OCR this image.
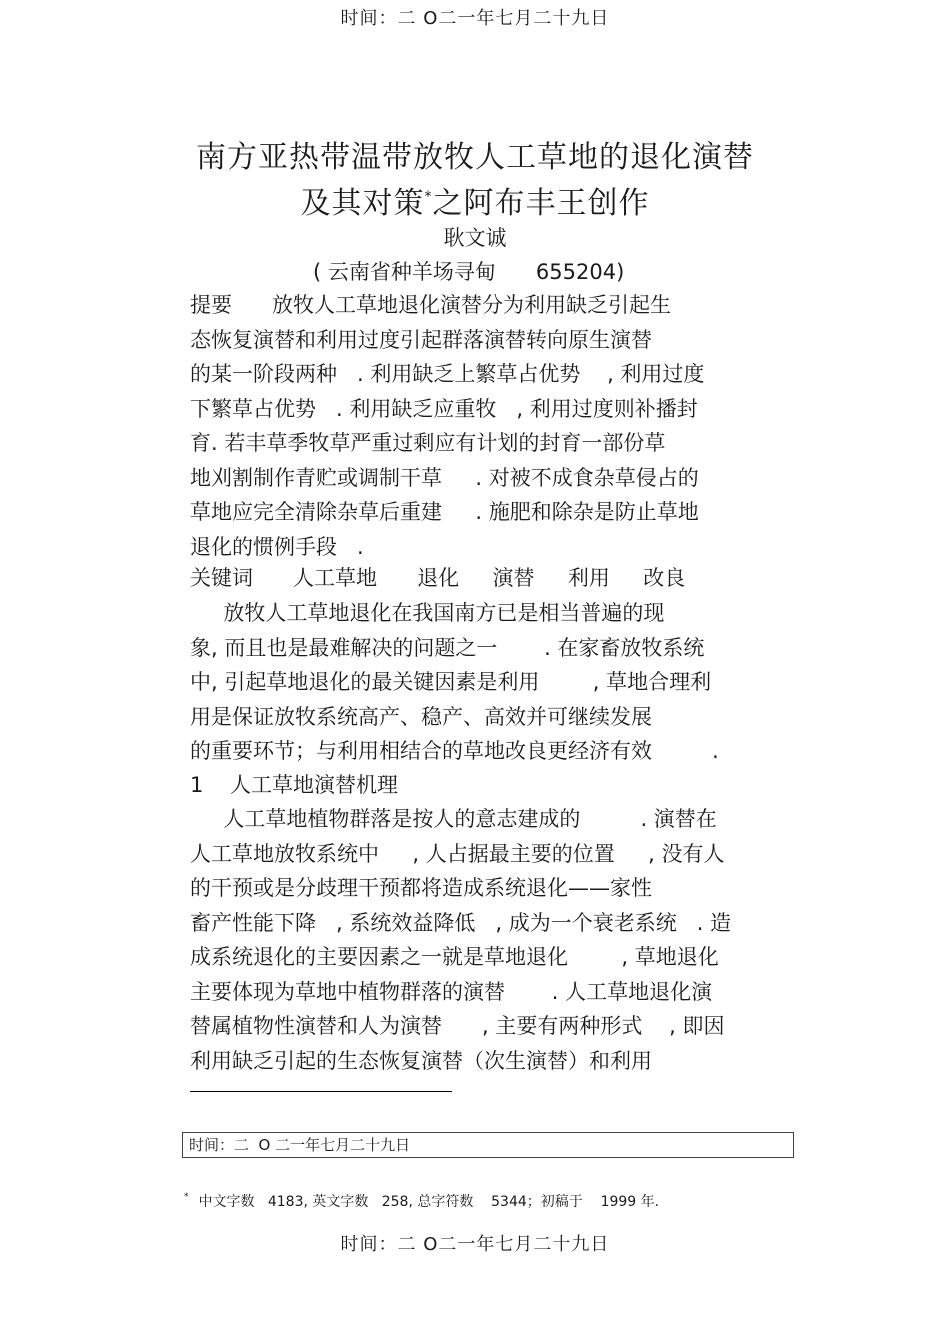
时间：二 O二一年七月二十九日
南方亚热带温带放牧人工草地的退化演替
及其对策*之阿布丰王创作
耿文诚
( 云南省种羊场寻甸      655204)
提要      放牧人工草地退化演替分为利用缺乏引起生
态恢复演替和利用过度引起群落演替转向原生演替
的某一阶段两种   . 利用缺乏上繁草占优势    , 利用过度
下繁草占优势   . 利用缺乏应重牧   , 利用过度则补播封
育. 若丰草季牧草严重过剩应有计划的封育一部份草
地刈割制作青贮或调制干草     . 对被不成食杂草侵占的
草地应完全清除杂草后重建     . 施肥和除杂是防止草地
退化的惯例手段   .
关键词      人工草地      退化     演替     利用     改良
放牧人工草地退化在我国南方已是相当普遍的现
象, 而且也是最难解决的问题之一       . 在家畜放牧系统
中, 引起草地退化的最关键因素是利用        , 草地合理利
用是保证放牧系统高产、稳产、高效并可继续发展
的重要环节；与利用相结合的草地改良更经济有效         .
1    人工草地演替机理
人工草地植物群落是按人的意志建成的         . 演替在
人工草地放牧系统中     , 人占据最主要的位置     , 没有人
的干预或是分歧理干预都将造成系统退化——家性
畜产性能下降   , 系统效益降低   , 成为一个衰老系统   . 造
成系统退化的主要因素之一就是草地退化        , 草地退化
主要体现为草地中植物群落的演替       . 人工草地退化演
替属植物性演替和人为演替      , 主要有两种形式    , 即因
利用缺乏引起的生态恢复演替（次生演替）和利用
时间：二  O 二一年七月二十九日
* 中文字数   4183, 英文字数   258, 总字符数    5344；初稿于    1999 年.
时间：二 O二一年七月二十九日
